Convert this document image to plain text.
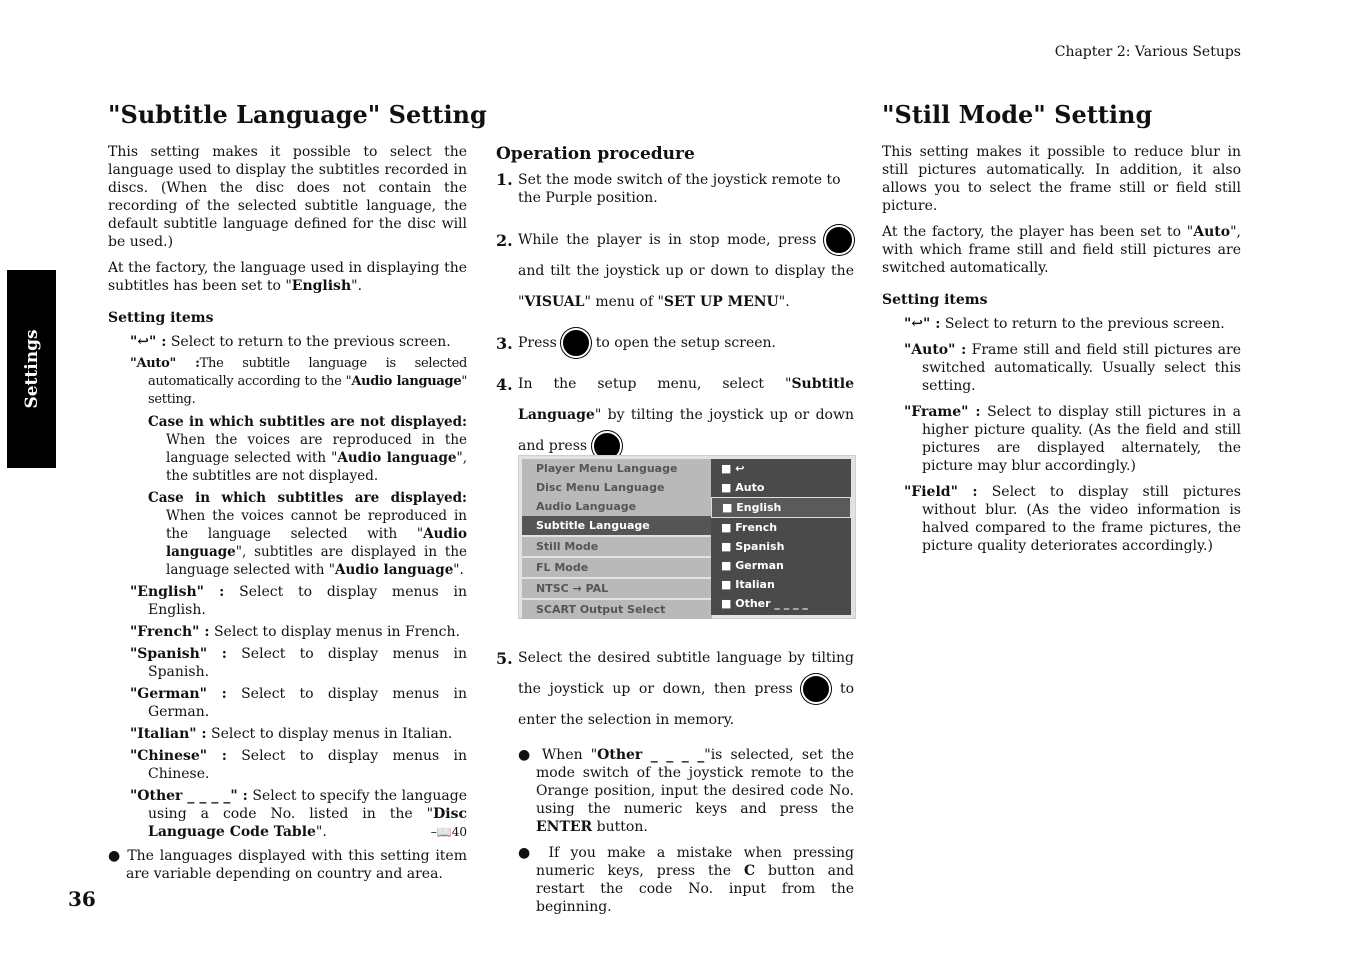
Chapter 2: Various Setups
Settings
36
"Subtitle Language" Setting

This setting makes it possible to select the language used to display the subtitles recorded in discs. (When the disc does not contain the recording of the selected subtitle language, the default subtitle language defined for the disc will be used.)

At the factory, the language used in displaying the subtitles has been set to "English".

Setting items
"↩" : Select to return to the previous screen.
"Auto" :The subtitle language is selected automatically according to the "Audio language" setting.
Case in which subtitles are not displayed: When the voices are reproduced in the language selected with "Audio language", the subtitles are not displayed.
Case in which subtitles are displayed: When the voices cannot be reproduced in the language selected with "Audio language", subtitles are displayed in the language selected with "Audio language".
"English" : Select to display menus in English.
"French" : Select to display menus in French.
"Spanish" : Select to display menus in Spanish.
"German" : Select to display menus in German.
"Italian" : Select to display menus in Italian.
"Chinese" : Select to display menus in Chinese.
"Other _ _ _ _" : Select to specify the language using a code No. listed in the "Disc Language Code Table".	–📖40
● The languages displayed with this setting item are variable depending on country and area.
Operation procedure
1. Set the mode switch of the joystick remote to the Purple position.
2. While the player is in stop mode, press  and tilt the joystick up or down to display the "VISUAL" menu of "SET UP MENU".
3. Press	to open the setup screen.
4. In the setup menu, select "Subtitle Language" by tilting the joystick up or down and press
Player Menu Language
Disc Menu Language
Audio Language
Subtitle Language
Still Mode
FL Mode
NTSC → PAL
SCART Output Select
■ ↩
■ Auto
■ English
■ French
■ Spanish
■ German
■ Italian
■ Other _ _ _ _
5. Select the desired subtitle language by tilting the joystick up or down, then press	to enter the selection in memory.
● When "Other _ _ _ _"is selected, set the mode switch of the joystick remote to the Orange position, input the desired code No. using the numeric keys and press the ENTER button.
● If you make a mistake when pressing numeric keys, press the C button and restart the code No. input from the beginning.
"Still Mode" Setting

This setting makes it possible to reduce blur in still pictures automatically. In addition, it also allows you to select the frame still or field still picture.

At the factory, the player has been set to "Auto", with which frame still and field still pictures are switched automatically.

Setting items
"↩" : Select to return to the previous screen.
"Auto" : Frame still and field still pictures are switched automatically. Usually select this setting.
"Frame" : Select to display still pictures in a higher picture quality. (As the field and still pictures are displayed alternately, the picture may blur accordingly.)
"Field" : Select to display still pictures without blur. (As the video information is halved compared to the frame pictures, the picture quality deteriorates accordingly.)
